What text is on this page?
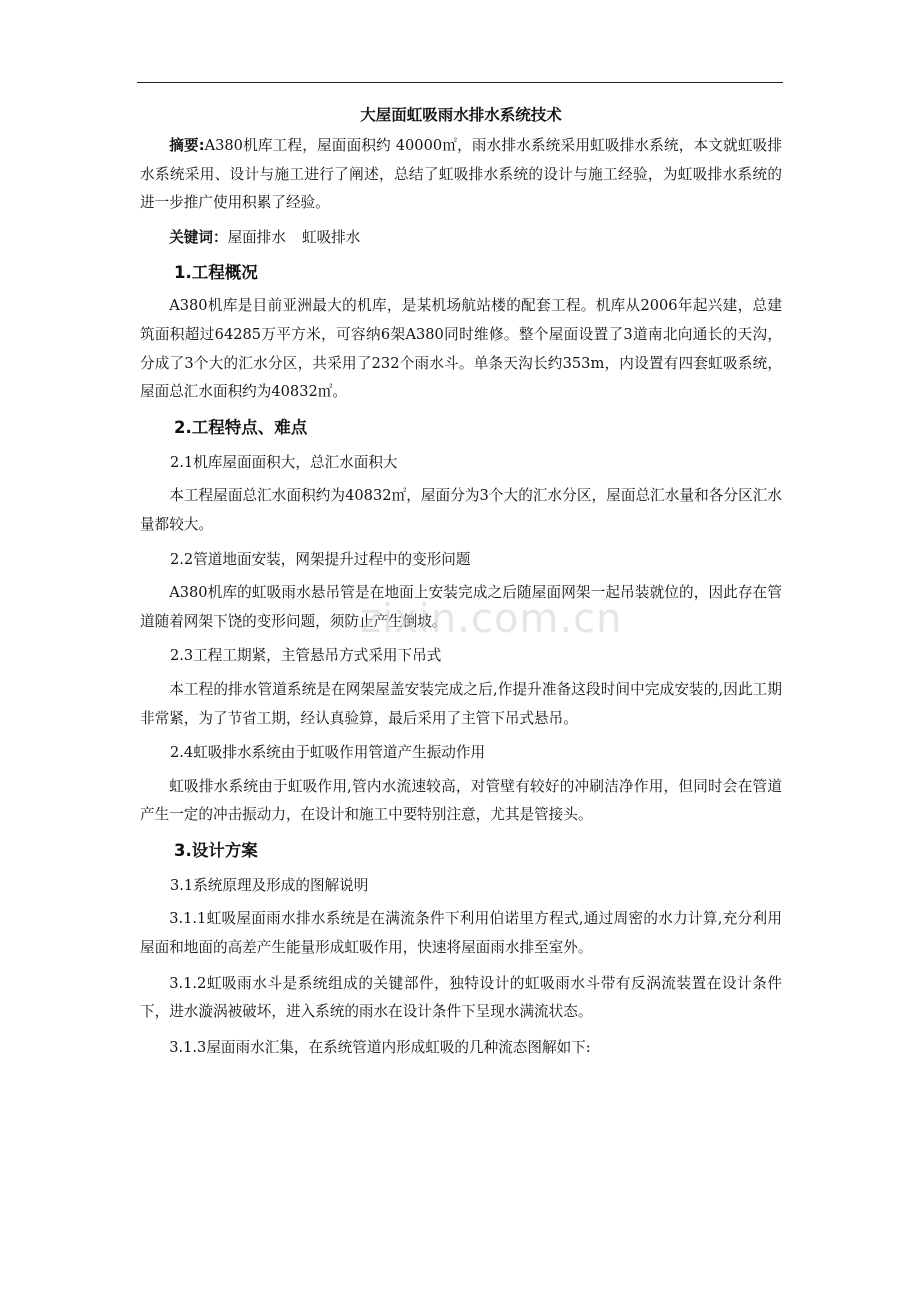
大屋面虹吸雨水排水系统技术

摘要:A380机库工程，屋面面积约 40000㎡，雨水排水系统采用虹吸排水系统，本文就虹吸排水系统采用、设计与施工进行了阐述，总结了虹吸排水系统的设计与施工经验，为虹吸排水系统的进一步推广使用积累了经验。

关键词：屋面排水 虹吸排水

1.工程概况

A380机库是目前亚洲最大的机库，是某机场航站楼的配套工程。机库从2006年起兴建，总建筑面积超过64285万平方米，可容纳6架A380同时维修。整个屋面设置了3道南北向通长的天沟，分成了3个大的汇水分区，共采用了232个雨水斗。单条天沟长约353m，内设置有四套虹吸系统，屋面总汇水面积约为40832㎡。

2.工程特点、难点

2.1机库屋面面积大，总汇水面积大

本工程屋面总汇水面积约为40832㎡，屋面分为3个大的汇水分区，屋面总汇水量和各分区汇水量都较大。

2.2管道地面安装，网架提升过程中的变形问题

A380机库的虹吸雨水悬吊管是在地面上安装完成之后随屋面网架一起吊装就位的，因此存在管道随着网架下饶的变形问题，须防止产生倒坡。

2.3工程工期紧，主管悬吊方式采用下吊式

本工程的排水管道系统是在网架屋盖安装完成之后,作提升准备这段时间中完成安装的,因此工期非常紧，为了节省工期，经认真验算，最后采用了主管下吊式悬吊。

2.4虹吸排水系统由于虹吸作用管道产生振动作用

虹吸排水系统由于虹吸作用,管内水流速较高，对管壁有较好的冲刷洁净作用，但同时会在管道产生一定的冲击振动力，在设计和施工中要特别注意，尤其是管接头。

3.设计方案

3.1系统原理及形成的图解说明

3.1.1虹吸屋面雨水排水系统是在满流条件下利用伯诺里方程式,通过周密的水力计算,充分利用屋面和地面的高差产生能量形成虹吸作用，快速将屋面雨水排至室外。

3.1.2虹吸雨水斗是系统组成的关键部件，独特设计的虹吸雨水斗带有反涡流装置在设计条件下，进水漩涡被破坏，进入系统的雨水在设计条件下呈现水满流状态。

3.1.3屋面雨水汇集，在系统管道内形成虹吸的几种流态图解如下:

zixin.com.cn
